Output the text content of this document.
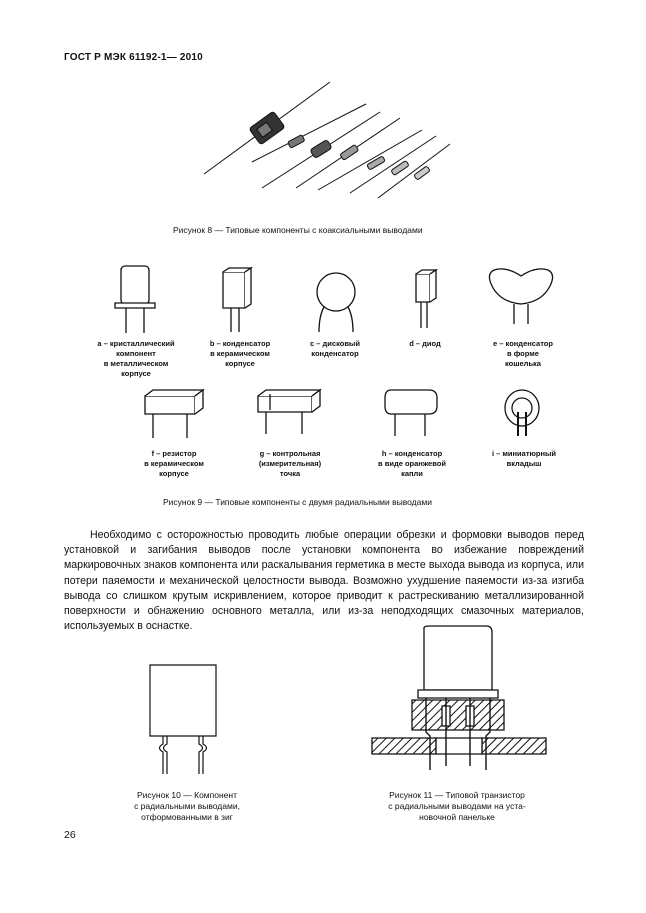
ГОСТ Р МЭК 61192-1— 2010
Рисунок 8 — Типовые компоненты с коаксиальными выводами
а – кристаллический
компонент
в металлическом
корпусе
b – конденсатор
в керамическом
корпусе
с – дисковый
конденсатор
d – диод	е – конденсатор
в форме
кошелька
f – резистор
в керамическом
корпусе
g – контрольная
(измерительная)
точка
h – конденсатор
в виде оранжевой
капли
i – миниатюрный
вкладыш
Рисунок 9 — Типовые компоненты с двумя радиальными выводами
Необходимо с осторожностью проводить любые операции обрезки и формовки выводов перед установкой и загибания выводов после установки компонента во избежание повреждений маркировочных знаков компонента или раскалывания герметика в месте выхода вывода из корпуса, или потери паяемости и механической целостности вывода. Возможно ухудшение паяемости из-за изгиба вывода со слишком крутым искривлением, которое приводит к растрескиванию металлизированной поверхности и обнажению основного металла, или из-за неподходящих смазочных материалов, используемых в оснастке.
Рисунок 10 — Компонент
с радиальными выводами,
отформованными в зиг
Рисунок 11 — Типовой транзистор
с радиальными выводами на уста-
новочной панельке
26
